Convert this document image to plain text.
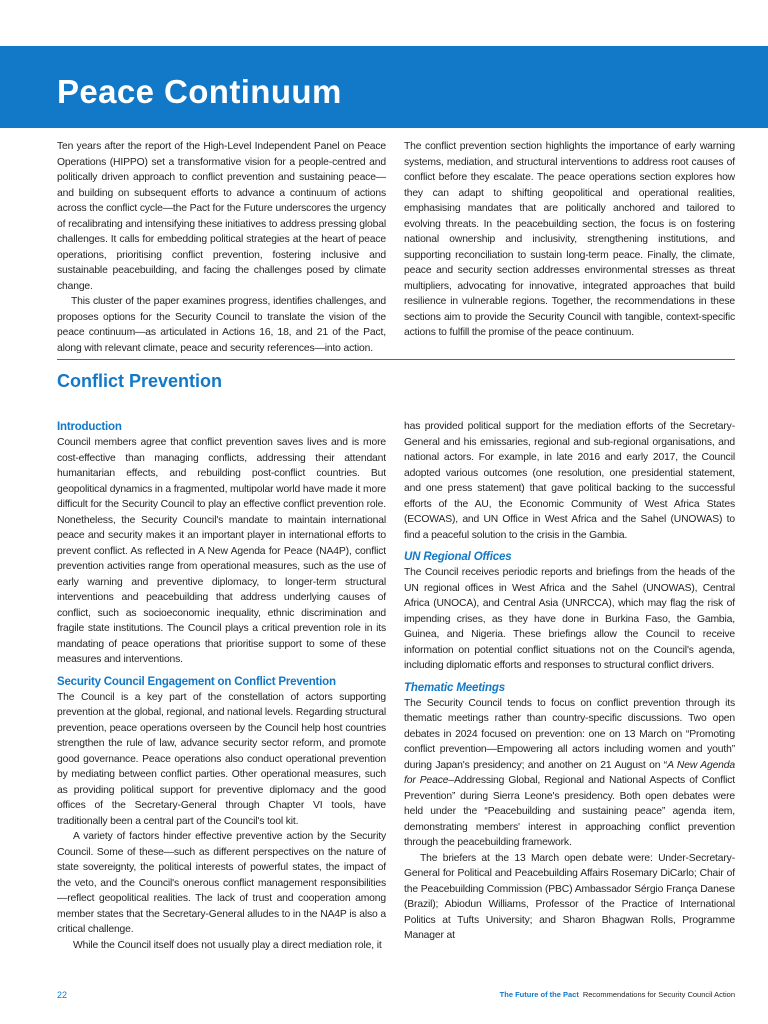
Peace Continuum

Ten years after the report of the High-Level Independent Panel on Peace Operations (HIPPO) set a transformative vision for a people-centred and politically driven approach to conflict prevention and sustaining peace—and building on subsequent efforts to advance a continuum of actions across the conflict cycle—the Pact for the Future underscores the urgency of recalibrating and intensifying these initiatives to address pressing global challenges. It calls for embedding political strategies at the heart of peace operations, prioritising conflict prevention, fostering inclusive and sustainable peacebuilding, and facing the challenges posed by climate change.

This cluster of the paper examines progress, identifies challenges, and proposes options for the Security Council to translate the vision of the peace continuum—as articulated in Actions 16, 18, and 21 of the Pact, along with relevant climate, peace and security references—into action.

The conflict prevention section highlights the importance of early warning systems, mediation, and structural interventions to address root causes of conflict before they escalate. The peace operations section explores how they can adapt to shifting geopolitical and operational realities, emphasising mandates that are politically anchored and tailored to evolving threats. In the peacebuilding section, the focus is on fostering national ownership and inclusivity, strengthening institutions, and supporting reconciliation to sustain long-term peace. Finally, the climate, peace and security section addresses environmental stresses as threat multipliers, advocating for innovative, integrated approaches that build resilience in vulnerable regions. Together, the recommendations in these sections aim to provide the Security Council with tangible, context-specific actions to fulfill the promise of the peace continuum.

Conflict Prevention
Introduction

Council members agree that conflict prevention saves lives and is more cost-effective than managing conflicts, addressing their attendant humanitarian effects, and rebuilding post-conflict countries. But geopolitical dynamics in a fragmented, multipolar world have made it more difficult for the Security Council to play an effective conflict prevention role. Nonetheless, the Security Council's mandate to maintain international peace and security makes it an important player in international efforts to prevent conflict. As reflected in A New Agenda for Peace (NA4P), conflict prevention activities range from operational measures, such as the use of early warning and preventive diplomacy, to longer-term structural interventions and peacebuilding that address underlying causes of conflict, such as socioeconomic inequality, ethnic discrimination and fragile state institutions. The Council plays a critical prevention role in its mandating of peace operations that prioritise support to some of these measures and interventions.

Security Council Engagement on Conflict Prevention

The Council is a key part of the constellation of actors supporting prevention at the global, regional, and national levels. Regarding structural prevention, peace operations overseen by the Council help host countries strengthen the rule of law, advance security sector reform, and promote good governance. Peace operations also conduct operational prevention by mediating between conflict parties. Other operational measures, such as providing political support for preventive diplomacy and the good offices of the Secretary-General through Chapter VI tools, have traditionally been a central part of the Council's tool kit.

A variety of factors hinder effective preventive action by the Security Council. Some of these—such as different perspectives on the nature of state sovereignty, the political interests of powerful states, the impact of the veto, and the Council's onerous conflict management responsibilities—reflect geopolitical realities. The lack of trust and cooperation among member states that the Secretary-General alludes to in the NA4P is also a critical challenge.

While the Council itself does not usually play a direct mediation role, it

has provided political support for the mediation efforts of the Secretary-General and his emissaries, regional and sub-regional organisations, and national actors. For example, in late 2016 and early 2017, the Council adopted various outcomes (one resolution, one presidential statement, and one press statement) that gave political backing to the successful efforts of the AU, the Economic Community of West Africa States (ECOWAS), and UN Office in West Africa and the Sahel (UNOWAS) to find a peaceful solution to the crisis in the Gambia.

UN Regional Offices

The Council receives periodic reports and briefings from the heads of the UN regional offices in West Africa and the Sahel (UNOWAS), Central Africa (UNOCA), and Central Asia (UNRCCA), which may flag the risk of impending crises, as they have done in Burkina Faso, the Gambia, Guinea, and Nigeria. These briefings allow the Council to receive information on potential conflict situations not on the Council's agenda, including diplomatic efforts and responses to structural conflict drivers.

Thematic Meetings

The Security Council tends to focus on conflict prevention through its thematic meetings rather than country-specific discussions. Two open debates in 2024 focused on prevention: one on 13 March on “Promoting conflict prevention—Empowering all actors including women and youth” during Japan's presidency; and another on 21 August on “A New Agenda for Peace–Addressing Global, Regional and National Aspects of Conflict Prevention” during Sierra Leone's presidency. Both open debates were held under the “Peacebuilding and sustaining peace” agenda item, demonstrating members' interest in approaching conflict prevention through the peacebuilding framework.

The briefers at the 13 March open debate were: Under-Secretary-General for Political and Peacebuilding Affairs Rosemary DiCarlo; Chair of the Peacebuilding Commission (PBC) Ambassador Sérgio França Danese (Brazil); Abiodun Williams, Professor of the Practice of International Politics at Tufts University; and Sharon Bhagwan Rolls, Programme Manager at

22	The Future of the Pact Recommendations for Security Council Action
